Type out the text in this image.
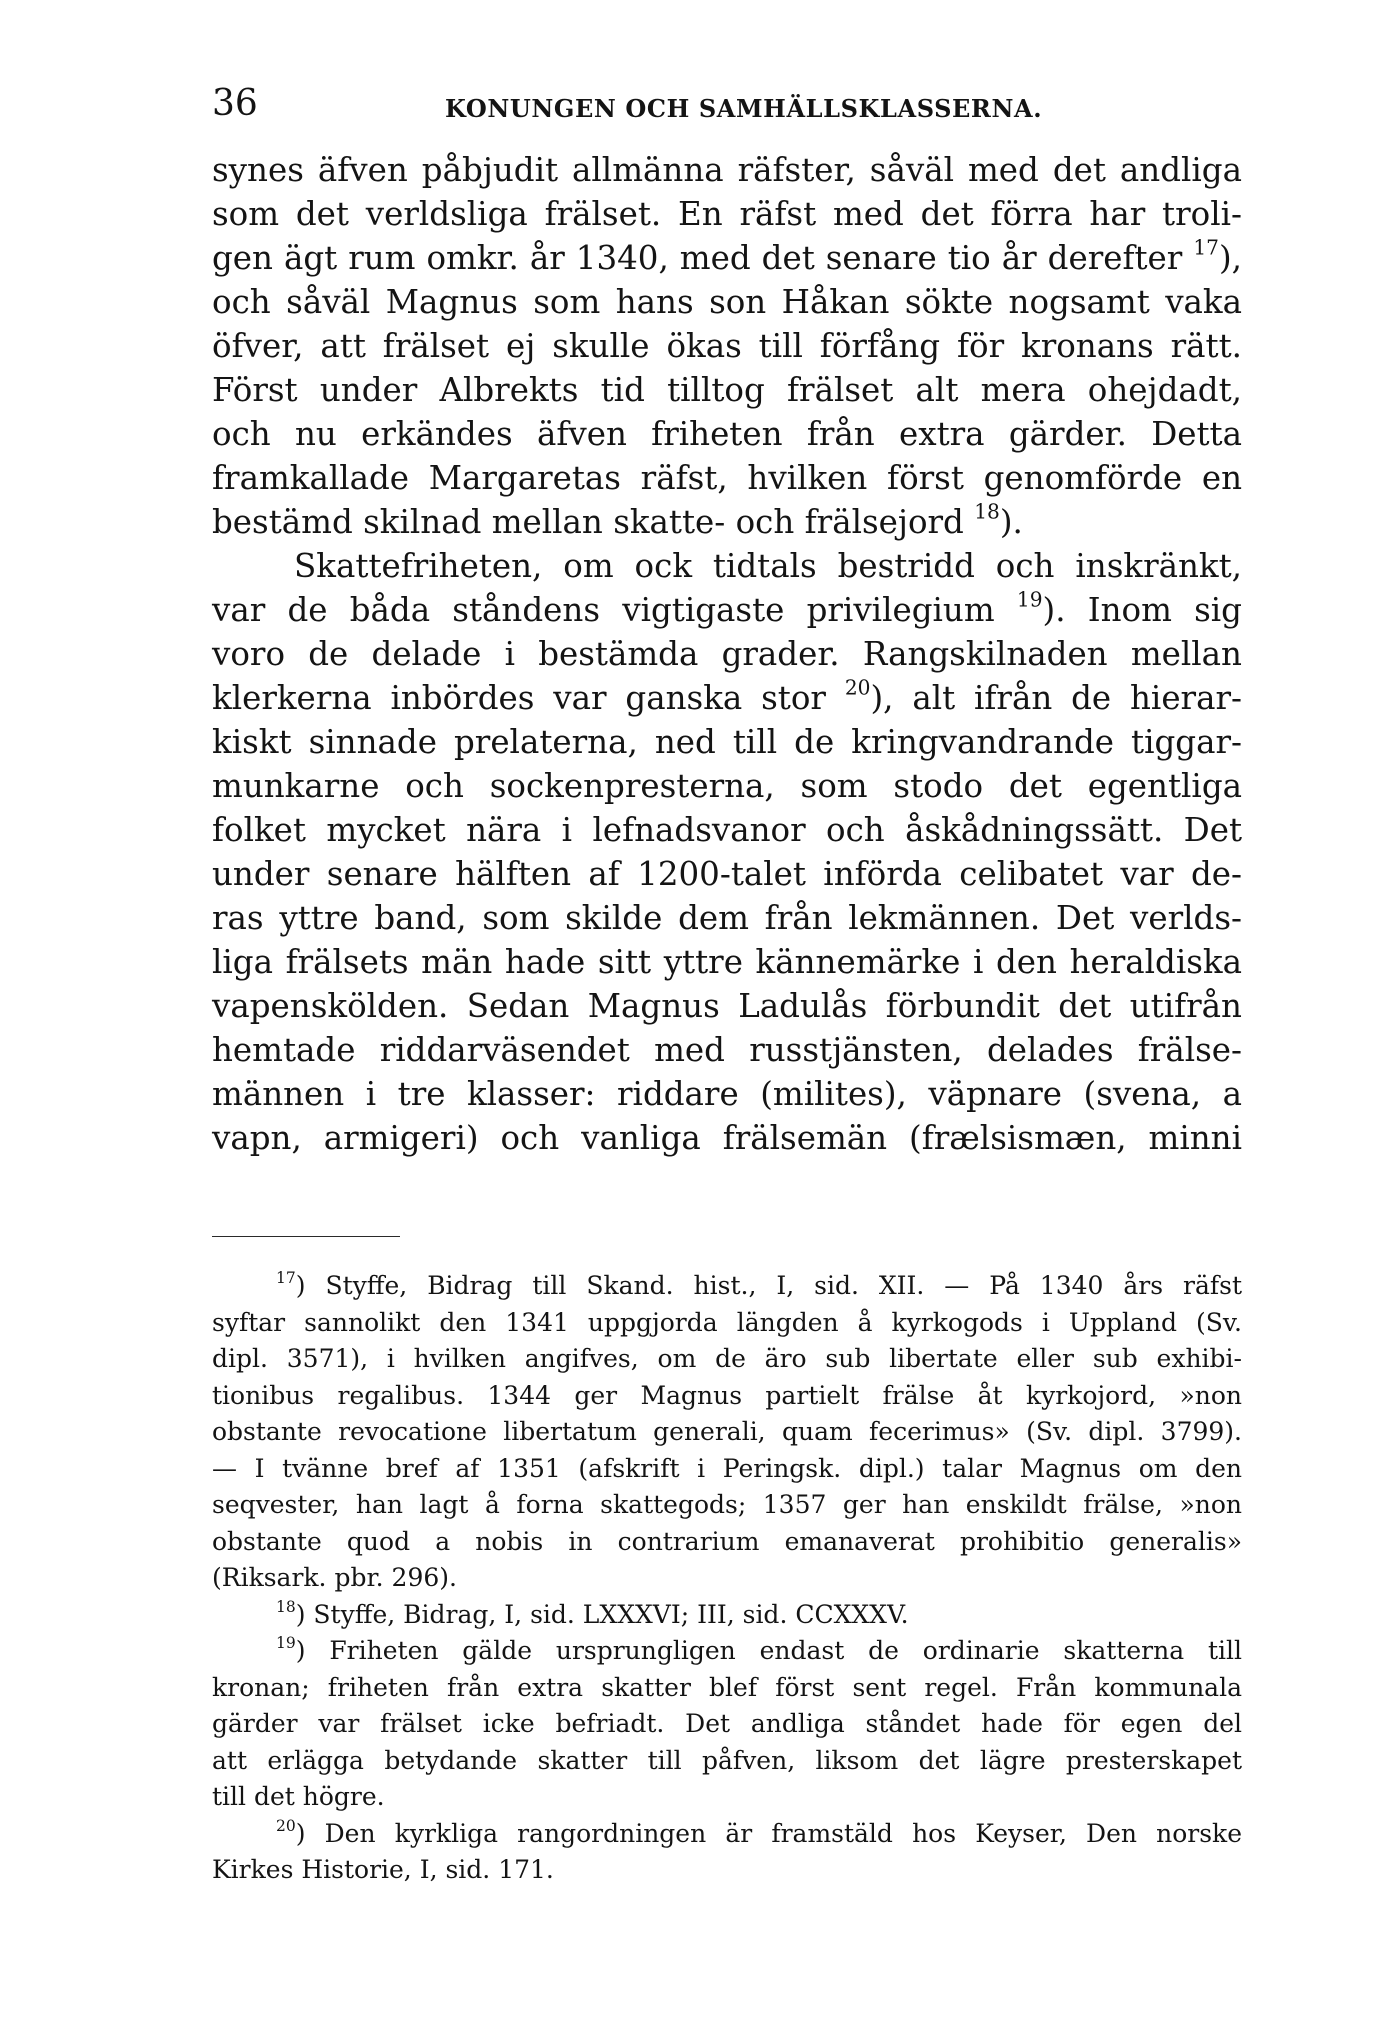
36	KONUNGEN OCH SAMHÄLLSKLASSERNA.
synes äfven påbjudit allmänna räfster, såväl med det andliga
som det verldsliga frälset. En räfst med det förra har troli-
gen ägt rum omkr. år 1340, med det senare tio år derefter $^{17}$),
och såväl Magnus som hans son Håkan sökte nogsamt vaka
öfver, att frälset ej skulle ökas till förfång för kronans rätt.
Först under Albrekts tid tilltog frälset alt mera ohejdadt,
och nu erkändes äfven friheten från extra gärder. Detta
framkallade Margaretas räfst, hvilken först genomförde en
bestämd skilnad mellan skatte- och frälsejord $^{18}$).
Skattefriheten, om ock tidtals bestridd och inskränkt,
var de båda ståndens vigtigaste privilegium $^{19}$). Inom sig
voro de delade i bestämda grader. Rangskilnaden mellan
klerkerna inbördes var ganska stor $^{20}$), alt ifrån de hierar-
kiskt sinnade prelaterna, ned till de kringvandrande tiggar-
munkarne och sockenpresterna, som stodo det egentliga
folket mycket nära i lefnadsvanor och åskådningssätt. Det
under senare hälften af 1200-talet införda celibatet var de-
ras yttre band, som skilde dem från lekmännen. Det verlds-
liga frälsets män hade sitt yttre kännemärke i den heraldiska
vapenskölden. Sedan Magnus Ladulås förbundit det utifrån
hemtade riddarväsendet med russtjänsten, delades frälse-
männen i tre klasser: riddare (milites), väpnare (svena, a
vapn, armigeri) och vanliga frälsemän (frælsismæn, minni
$^{17}$) Styffe, Bidrag till Skand. hist., I, sid. XII. — På 1340 års räfst
syftar sannolikt den 1341 uppgjorda längden å kyrkogods i Uppland (Sv.
dipl. 3571), i hvilken angifves, om de äro sub libertate eller sub exhibi-
tionibus regalibus. 1344 ger Magnus partielt frälse åt kyrkojord, »non
obstante revocatione libertatum generali, quam fecerimus» (Sv. dipl. 3799).
— I tvänne bref af 1351 (afskrift i Peringsk. dipl.) talar Magnus om den
seqvester, han lagt å forna skattegods; 1357 ger han enskildt frälse, »non
obstante quod a nobis in contrarium emanaverat prohibitio generalis»
(Riksark. pbr. 296).
$^{18}$) Styffe, Bidrag, I, sid. LXXXVI; III, sid. CCXXXV.
$^{19}$) Friheten gälde ursprungligen endast de ordinarie skatterna till
kronan; friheten från extra skatter blef först sent regel. Från kommunala
gärder var frälset icke befriadt. Det andliga ståndet hade för egen del
att erlägga betydande skatter till påfven, liksom det lägre presterskapet
till det högre.
$^{20}$) Den kyrkliga rangordningen är framstäld hos Keyser, Den norske
Kirkes Historie, I, sid. 171.
